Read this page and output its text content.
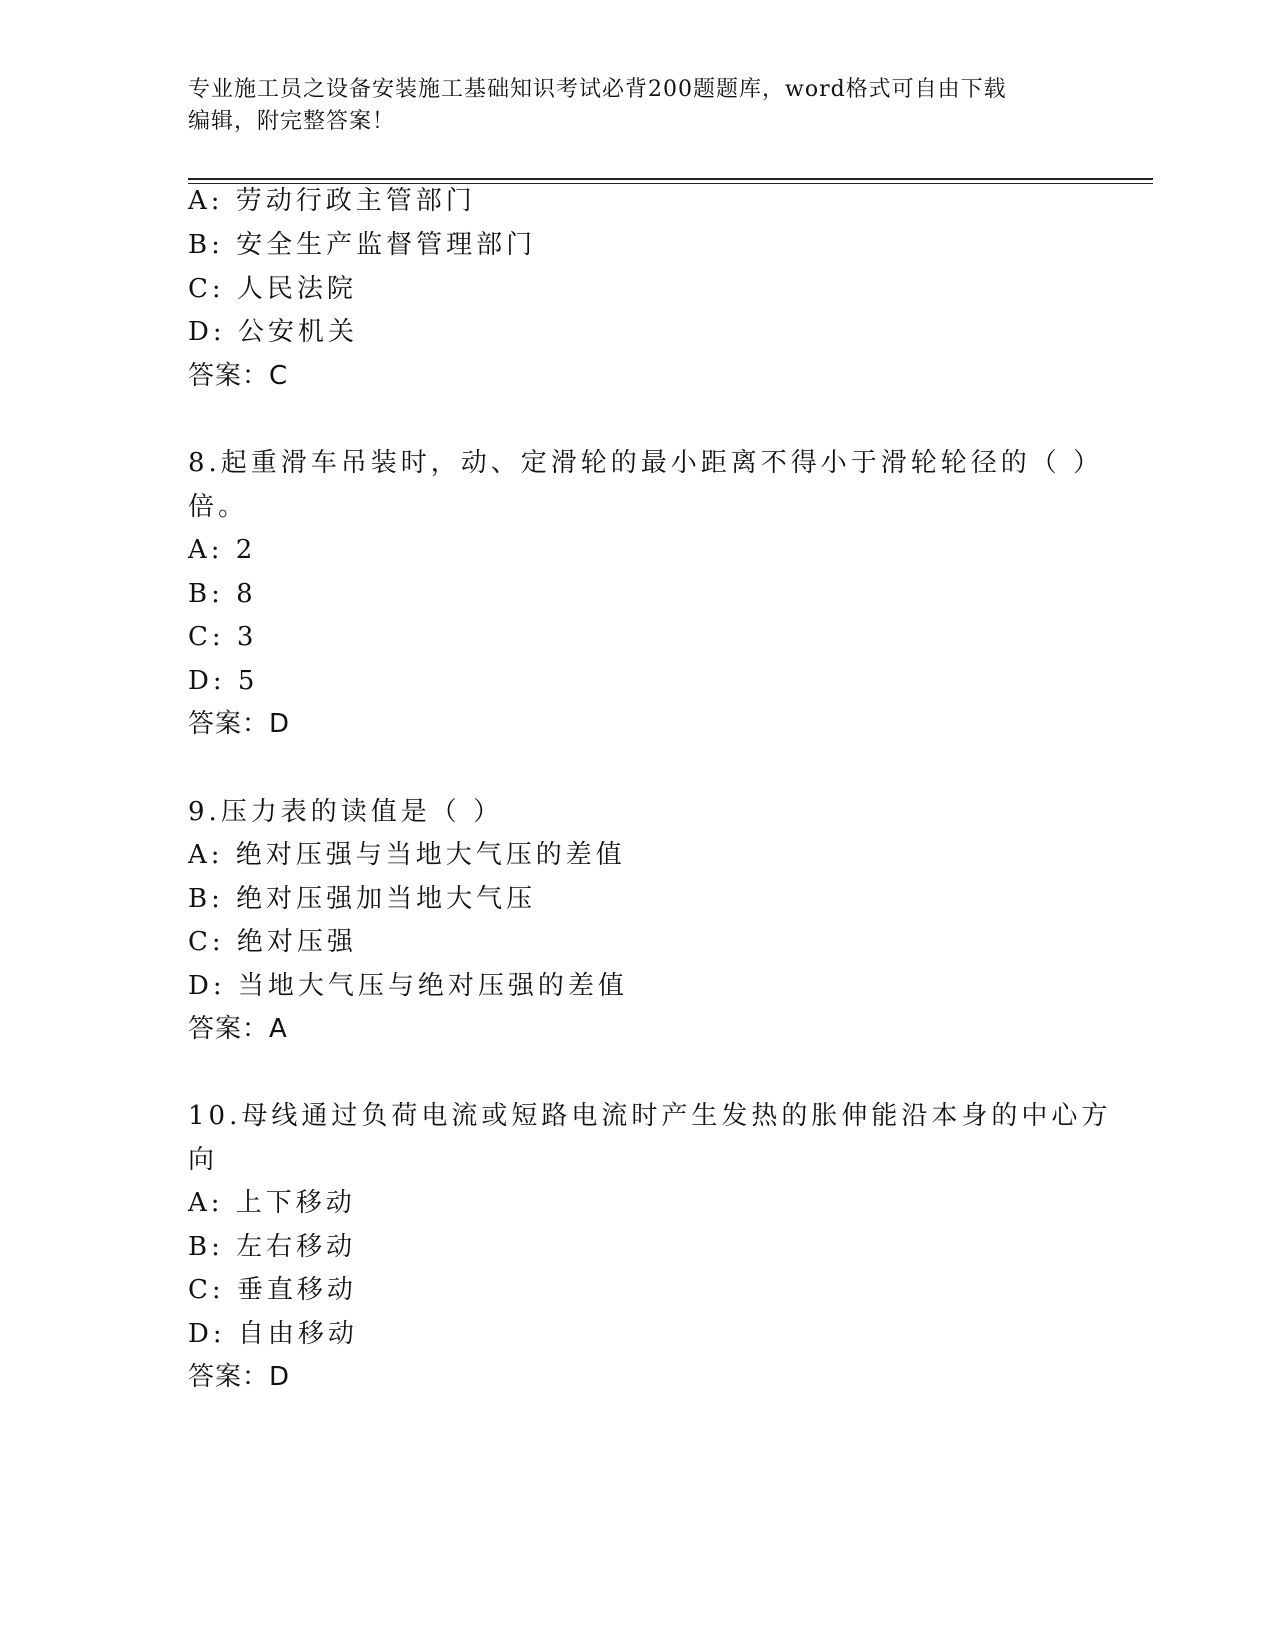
专业施工员之设备安装施工基础知识考试必背200题题库，word格式可自由下载
编辑，附完整答案！
A: 劳动行政主管部门
B: 安全生产监督管理部门
C: 人民法院
D: 公安机关
答案：C
8.起重滑车吊装时，动、定滑轮的最小距离不得小于滑轮轮径的（ ）
倍。
A: 2
B: 8
C: 3
D: 5
答案：D
9.压力表的读值是（ ）
A: 绝对压强与当地大气压的差值
B: 绝对压强加当地大气压
C: 绝对压强
D: 当地大气压与绝对压强的差值
答案：A
10.母线通过负荷电流或短路电流时产生发热的胀伸能沿本身的中心方
向
A: 上下移动
B: 左右移动
C: 垂直移动
D: 自由移动
答案：D
